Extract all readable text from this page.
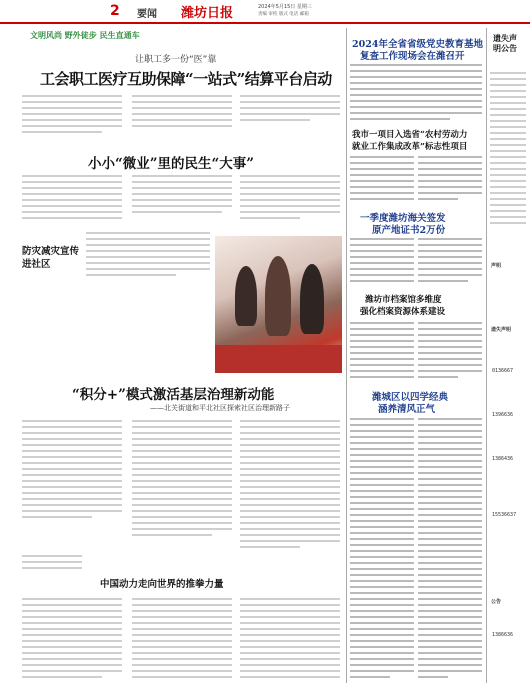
2 要闻 潍坊日报	2024年5月15日 星期三
责编 审校 版式 电话 邮箱
文明风尚 野外徒步 民生直通车
让职工多一份“医”靠
工会职工医疗互助保障“一站式”结算平台启动
小小“微业”里的民生“大事”
防灾减灾宣传进社区
“积分+”模式激活基层治理新动能
——北关街道和平北社区探索社区治理新路子
中国动力走向世界的推拳力量
2024年全省省级党史教育基地
复查工作现场会在潍召开
我市一项目入选省“农村劳动力
就业工作集成改革”标志性项目
一季度潍坊海关签发
原产地证书2万份
潍坊市档案馆多维度
强化档案资源体系建设
潍城区以四学经典
涵养清风正气
遗失声明公告
声明
遗失声明
公告
0136667
1396636
1386436
15536637
1386636
